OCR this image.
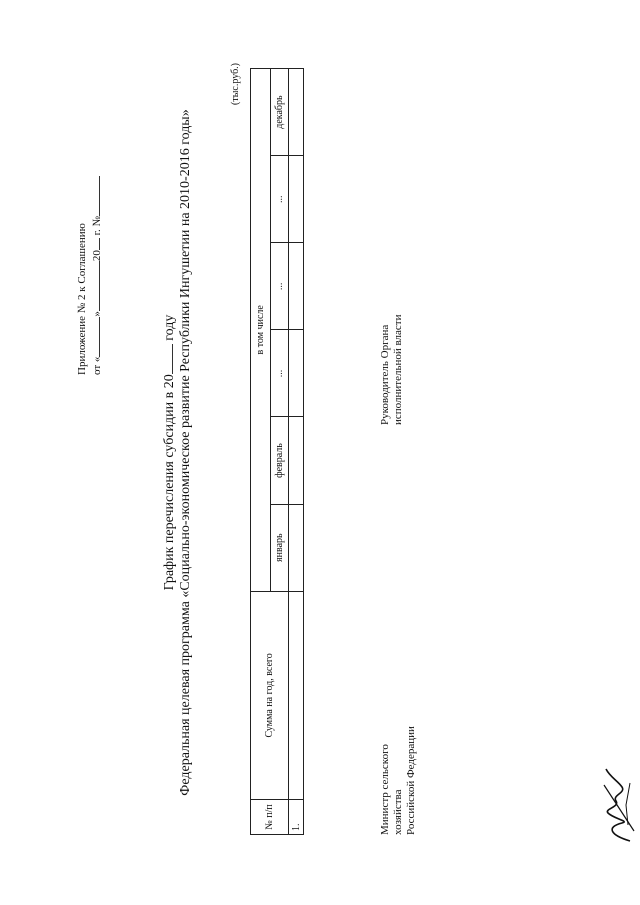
Приложение № 2 к Соглашению от «»20 г. №
График перечисления субсидии в 20 году Федеральная целевая программа «Социально-экономическое развитие Республики Ингушетии на 2010-2016 годы»
(тыс.руб.)
№ п/п	Сумма на год, всего	в том числе					
		январь	февраль	...	...	...	декабрь
1.								Министр сельского хозяйства Российской Федерации
Руководитель Органа исполнительной власти
